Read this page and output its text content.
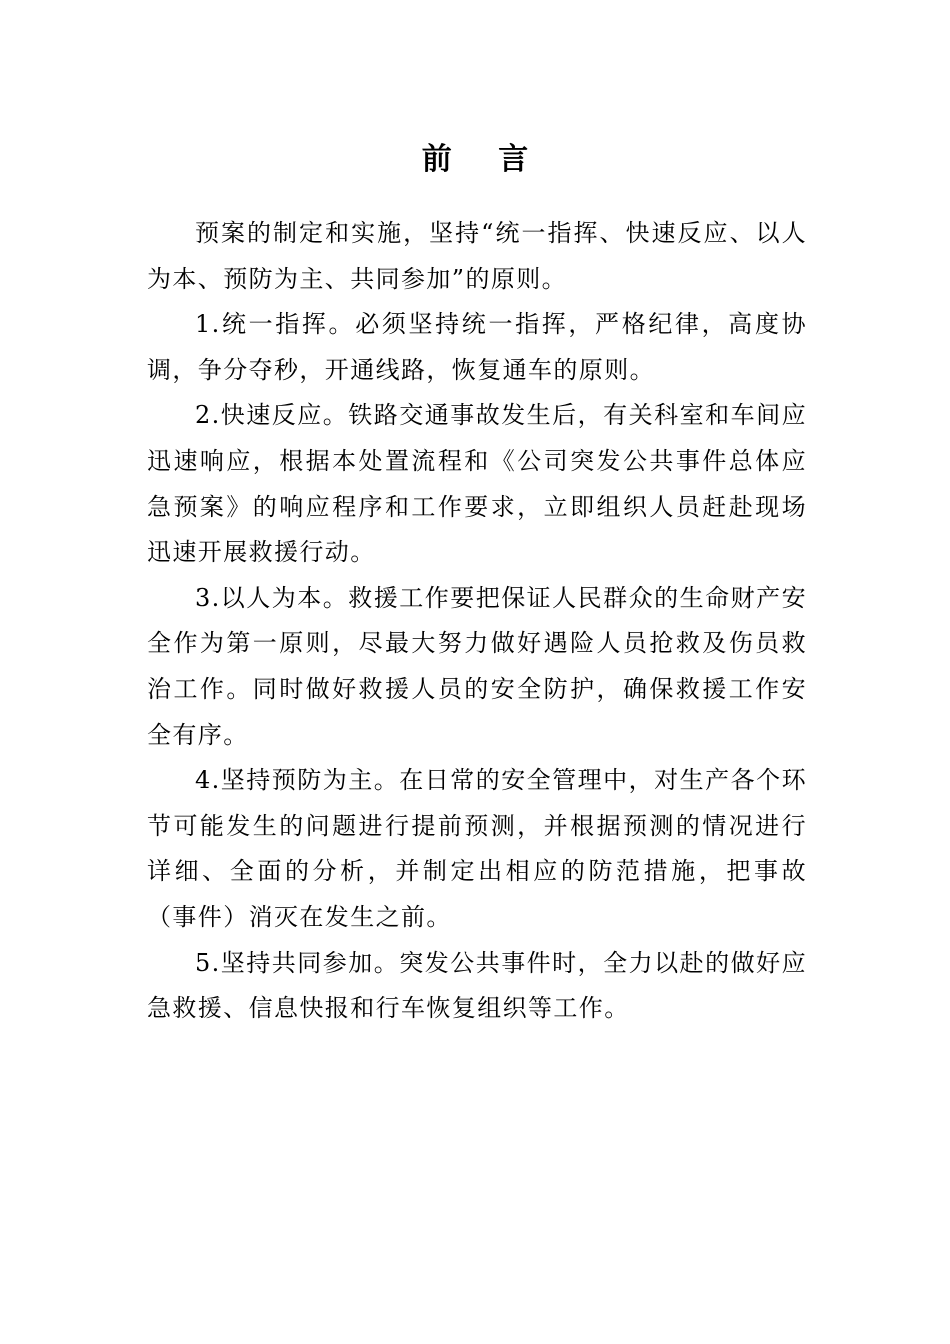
前 言

预案的制定和实施，坚持“统一指挥、快速反应、以人为本、预防为主、共同参加”的原则。

1.统一指挥。必须坚持统一指挥，严格纪律，高度协调，争分夺秒，开通线路，恢复通车的原则。

2.快速反应。铁路交通事故发生后，有关科室和车间应迅速响应，根据本处置流程和《公司突发公共事件总体应急预案》的响应程序和工作要求，立即组织人员赶赴现场迅速开展救援行动。

3.以人为本。救援工作要把保证人民群众的生命财产安全作为第一原则，尽最大努力做好遇险人员抢救及伤员救治工作。同时做好救援人员的安全防护，确保救援工作安全有序。

4.坚持预防为主。在日常的安全管理中，对生产各个环节可能发生的问题进行提前预测，并根据预测的情况进行详细、全面的分析，并制定出相应的防范措施，把事故（事件）消灭在发生之前。

5.坚持共同参加。突发公共事件时，全力以赴的做好应急救援、信息快报和行车恢复组织等工作。
